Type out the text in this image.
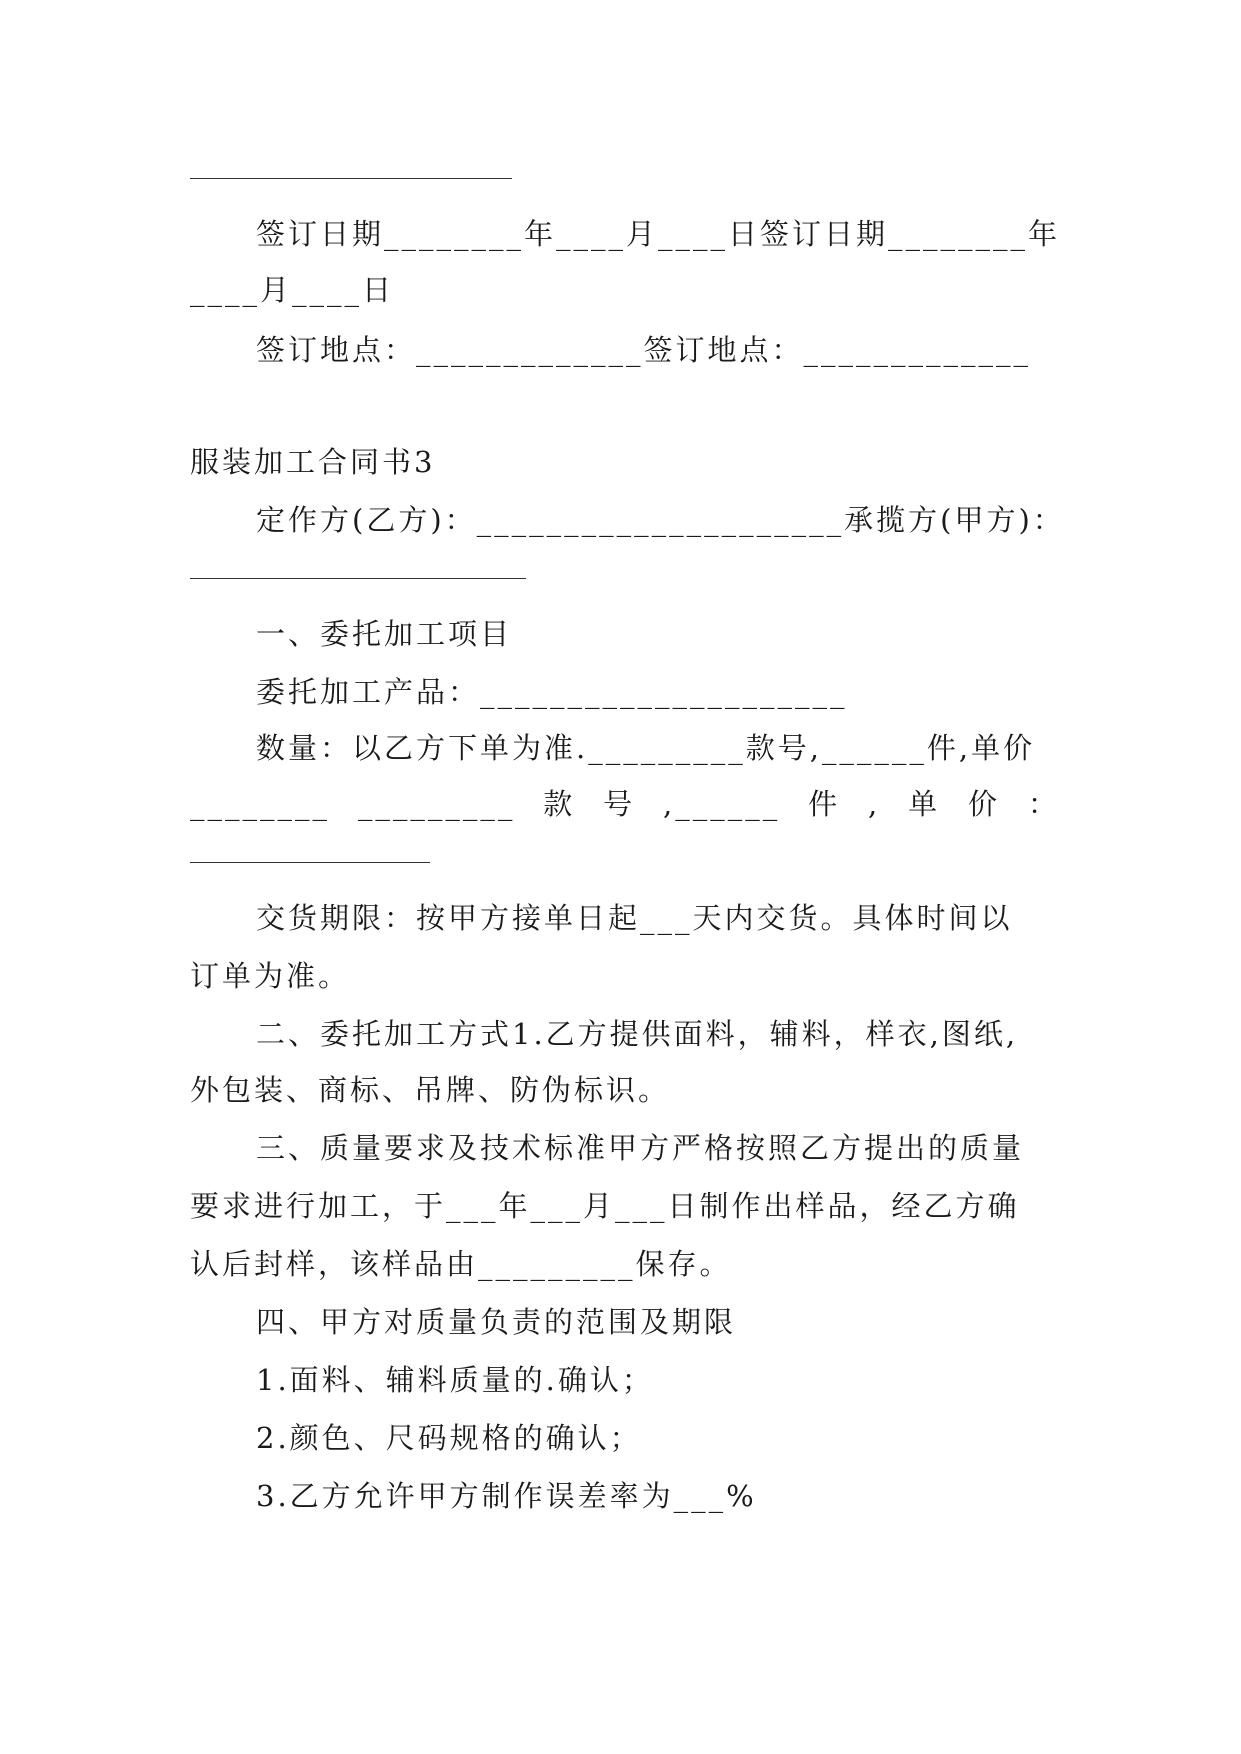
签订日期________年____月____日签订日期________年
____月____日
签订地点：_____________签订地点：_____________
服装加工合同书3
定作方(乙方)：_____________________承揽方(甲方)：
一、委托加工项目
委托加工产品：_____________________
数量：以乙方下单为准._________款号,______件,单价
________ _________ 款 号 ,______ 件 , 单 价 ：
交货期限：按甲方接单日起___天内交货。具体时间以
订单为准。
二、委托加工方式1.乙方提供面料，辅料，样衣,图纸,
外包装、商标、吊牌、防伪标识。
三、质量要求及技术标准甲方严格按照乙方提出的质量
要求进行加工，于___年___月___日制作出样品，经乙方确
认后封样，该样品由_________保存。
四、甲方对质量负责的范围及期限
1.面料、辅料质量的.确认；
2.颜色、尺码规格的确认；
3.乙方允许甲方制作误差率为___%
